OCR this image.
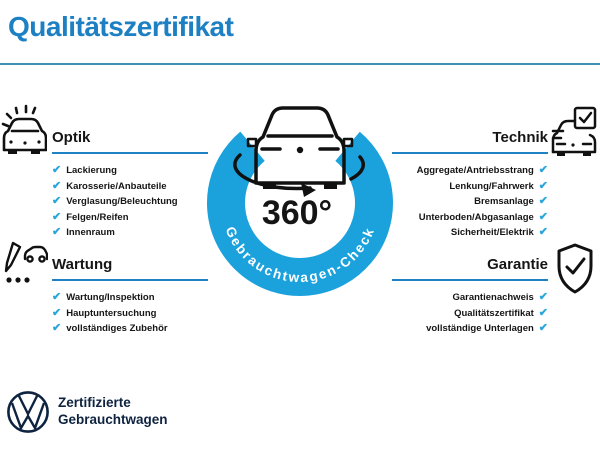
Qualitätszertifikat
Optik
✔ Lackierung
✔ Karosserie/Anbauteile
✔ Verglasung/Beleuchtung
✔ Felgen/Reifen
✔ Innenraum
Wartung
✔ Wartung/Inspektion
✔ Hauptuntersuchung
✔ vollständiges Zubehör
Technik
Aggregate/Antriebsstrang ✔
Lenkung/Fahrwerk ✔
Bremsanlage ✔
Unterboden/Abgasanlage ✔
Sicherheit/Elektrik ✔
Garantie
Garantienachweis ✔
Qualitätszertifikat ✔
vollständige Unterlagen ✔
360°
Gebrauchtwagen-Check
Zertifizierte
Gebrauchtwagen
